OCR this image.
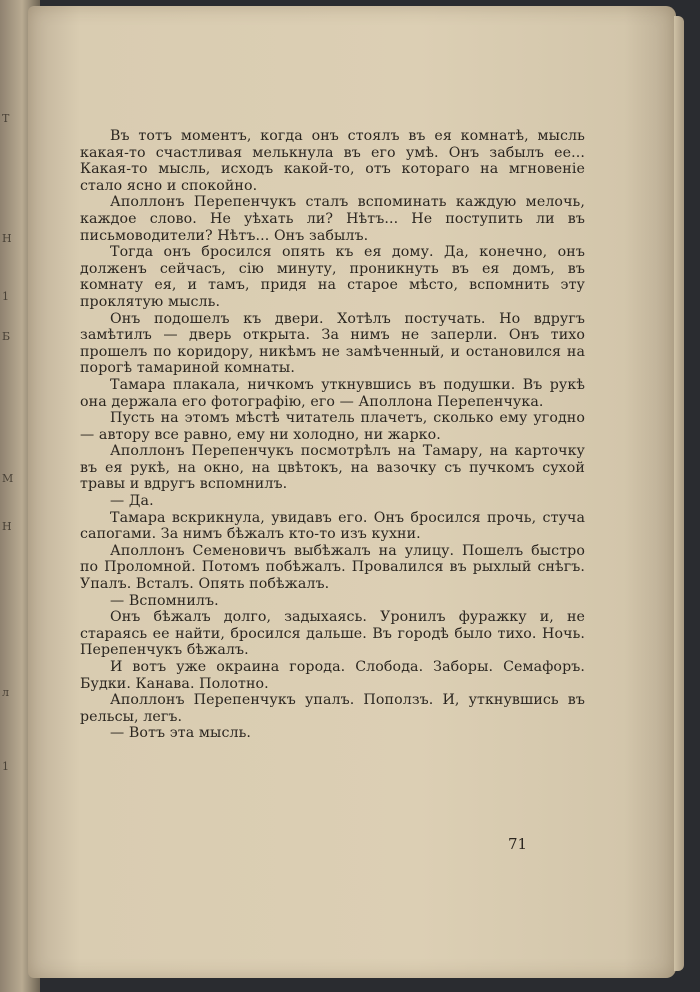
Т
Н
1
Б
М
Н
л
1

Въ тотъ моментъ, когда онъ стоялъ въ ея комнатѣ, мысль какая-то счастливая мелькнула въ его умѣ. Онъ забылъ ее... Какая-то мысль, исходъ какой-то, отъ котораго на мгновенie стало ясно и спокойно.

Аполлонъ Перепенчукъ сталъ вспоминать каждую мелочь, каждое слово. Не уѣхать ли? Нѣтъ... Не поступить ли въ письмоводители? Нѣтъ... Онъ забылъ.

Тогда онъ бросился опять къ ея дому. Да, конечно, онъ долженъ сейчасъ, сiю минуту, проникнуть въ ея домъ, въ комнату ея, и тамъ, придя на старое мѣсто, вспомнить эту проклятую мысль.

Онъ подошелъ къ двери. Хотѣлъ постучать. Но вдругъ замѣтилъ — дверь открыта. За нимъ не заперли. Онъ тихо прошелъ по коридору, никѣмъ не замѣченный, и остановился на порогѣ тамариной комнаты.

Тамара плакала, ничкомъ уткнувшись въ подушки. Въ рукѣ она держала его фотографiю, его — Аполлона Перепенчука.

Пусть на этомъ мѣстѣ читатель плачетъ, сколько ему угодно — автору все равно, ему ни холодно, ни жарко.

Аполлонъ Перепенчукъ посмотрѣлъ на Тамару, на карточку въ ея рукѣ, на окно, на цвѣтокъ, на вазочку съ пучкомъ сухой травы и вдругъ вспомнилъ.

— Да.

Тамара вскрикнула, увидавъ его. Онъ бросился прочь, стуча сапогами. За нимъ бѣжалъ кто-то изъ кухни.

Аполлонъ Семеновичъ выбѣжалъ на улицу. Пошелъ быстро по Проломной. Потомъ побѣжалъ. Провалился въ рыхлый снѣгъ. Упалъ. Всталъ. Опять побѣжалъ.

— Вспомнилъ.

Онъ бѣжалъ долго, задыхаясь. Уронилъ фуражку и, не стараясь ее найти, бросился дальше. Въ городѣ было тихо. Ночь. Перепенчукъ бѣжалъ.

И вотъ уже окраина города. Слобода. Заборы. Семафоръ. Будки. Канава. Полотно.

Аполлонъ Перепенчукъ упалъ. Поползъ. И, уткнувшись въ рельсы, легъ.

— Вотъ эта мысль.

71
